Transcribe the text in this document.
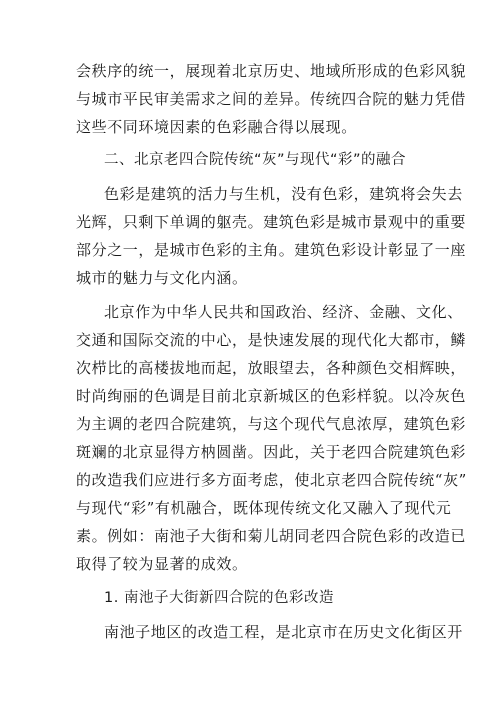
会秩序的统一，展现着北京历史、地域所形成的色彩风貌
与城市平民审美需求之间的差异。传统四合院的魅力凭借
这些不同环境因素的色彩融合得以展现。
二、北京老四合院传统“灰”与现代“彩”的融合
色彩是建筑的活力与生机，没有色彩，建筑将会失去
光辉，只剩下单调的躯壳。建筑色彩是城市景观中的重要
部分之一，是城市色彩的主角。建筑色彩设计彰显了一座
城市的魅力与文化内涵。
北京作为中华人民共和国政治、经济、金融、文化、
交通和国际交流的中心，是快速发展的现代化大都市，鳞
次栉比的高楼拔地而起，放眼望去，各种颜色交相辉映，
时尚绚丽的色调是目前北京新城区的色彩样貌。以冷灰色
为主调的老四合院建筑，与这个现代气息浓厚，建筑色彩
斑斓的北京显得方枘圆凿。因此，关于老四合院建筑色彩
的改造我们应进行多方面考虑，使北京老四合院传统“灰”
与现代“彩”有机融合，既体现传统文化又融入了现代元
素。例如：南池子大街和菊儿胡同老四合院色彩的改造已
取得了较为显著的成效。
1. 南池子大街新四合院的色彩改造
南池子地区的改造工程，是北京市在历史文化街区开
